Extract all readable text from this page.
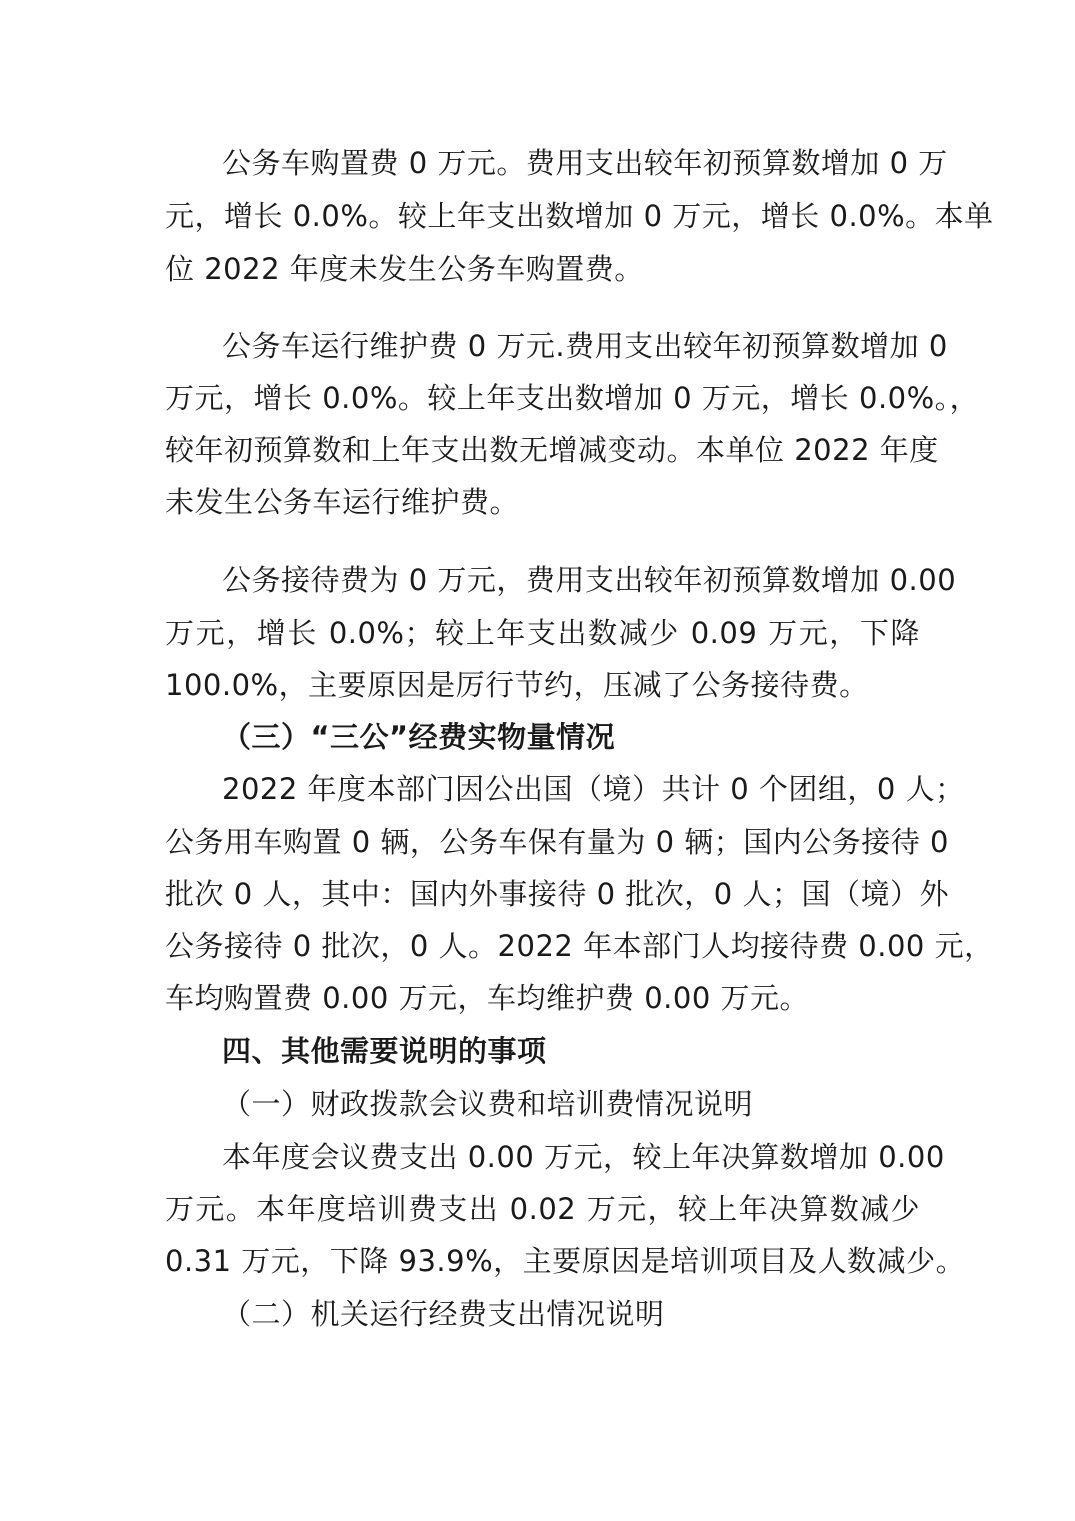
公务车购置费 0 万元。费用支出较年初预算数增加 0 万
元，增长 0.0%。较上年支出数增加 0 万元，增长 0.0%。本单
位 2022 年度未发生公务车购置费。
公务车运行维护费 0 万元.费用支出较年初预算数增加 0
万元，增长 0.0%。较上年支出数增加 0 万元，增长 0.0%。，
较年初预算数和上年支出数无增减变动。本单位 2022 年度
未发生公务车运行维护费。
公务接待费为 0 万元，费用支出较年初预算数增加 0.00
万元，增长 0.0%；较上年支出数减少 0.09 万元，下降
100.0%，主要原因是厉行节约，压减了公务接待费。
（三）“三公”经费实物量情况
2022 年度本部门因公出国（境）共计 0 个团组，0 人；
公务用车购置 0 辆，公务车保有量为 0 辆；国内公务接待 0
批次 0 人，其中：国内外事接待 0 批次，0 人；国（境）外
公务接待 0 批次，0 人。2022 年本部门人均接待费 0.00 元，
车均购置费 0.00 万元，车均维护费 0.00 万元。
四、其他需要说明的事项
（一）财政拨款会议费和培训费情况说明
本年度会议费支出 0.00 万元，较上年决算数增加 0.00
万元。本年度培训费支出 0.02 万元，较上年决算数减少
0.31 万元，下降 93.9%，主要原因是培训项目及人数减少。
（二）机关运行经费支出情况说明
